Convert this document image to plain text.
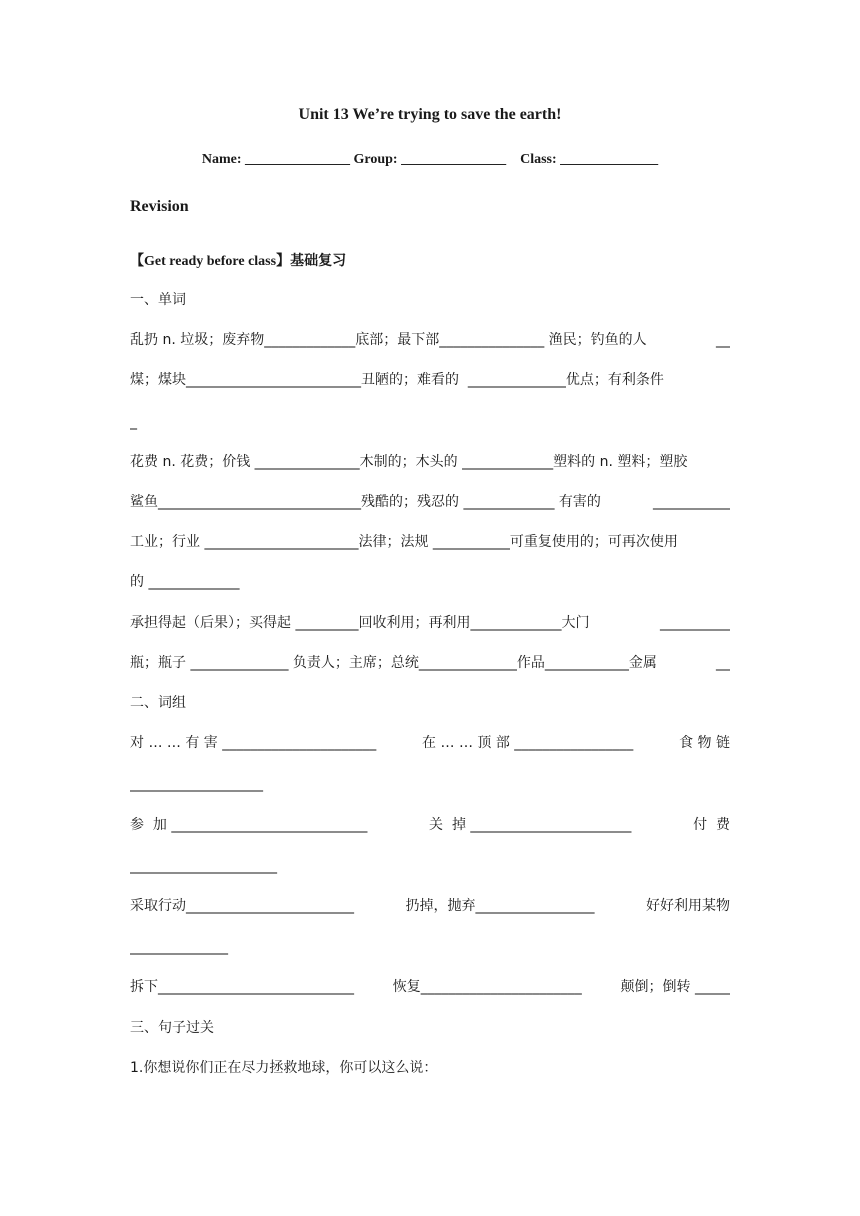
Unit 13 We’re trying to save the earth!
Name: _______________ Group: _______________    Class: ______________
Revision
【Get ready before class】基础复习
一、单词
乱扔 n. 垃圾；废弃物_____________底部；最下部_______________ 渔民；钓鱼的人	__
煤；煤块_________________________丑陋的；难看的  ______________优点；有利条件
_
花费 n. 花费；价钱 _______________木制的；木头的 _____________塑料的 n. 塑料；塑胶
鲨鱼_____________________________残酷的；残忍的 _____________ 有害的	___________
工业；行业 ______________________法律；法规 ___________可重复使用的；可再次使用
的 _____________
承担得起（后果）；买得起 _________回收利用；再利用_____________大门	__________
瓶；瓶子 ______________ 负责人；主席；总统______________作品____________金属	__
二、词组
对 … … 有 害 ______________________	在 … … 顶 部 _________________	食 物 链
___________________
参  加 ____________________________	关  掉 _______________________	付  费
_____________________
采取行动________________________	扔掉，抛弃_________________	好好利用某物
______________
拆下____________________________	恢复_______________________	颠倒；倒转 _____
三、句子过关
1.你想说你们正在尽力拯救地球，你可以这么说：
